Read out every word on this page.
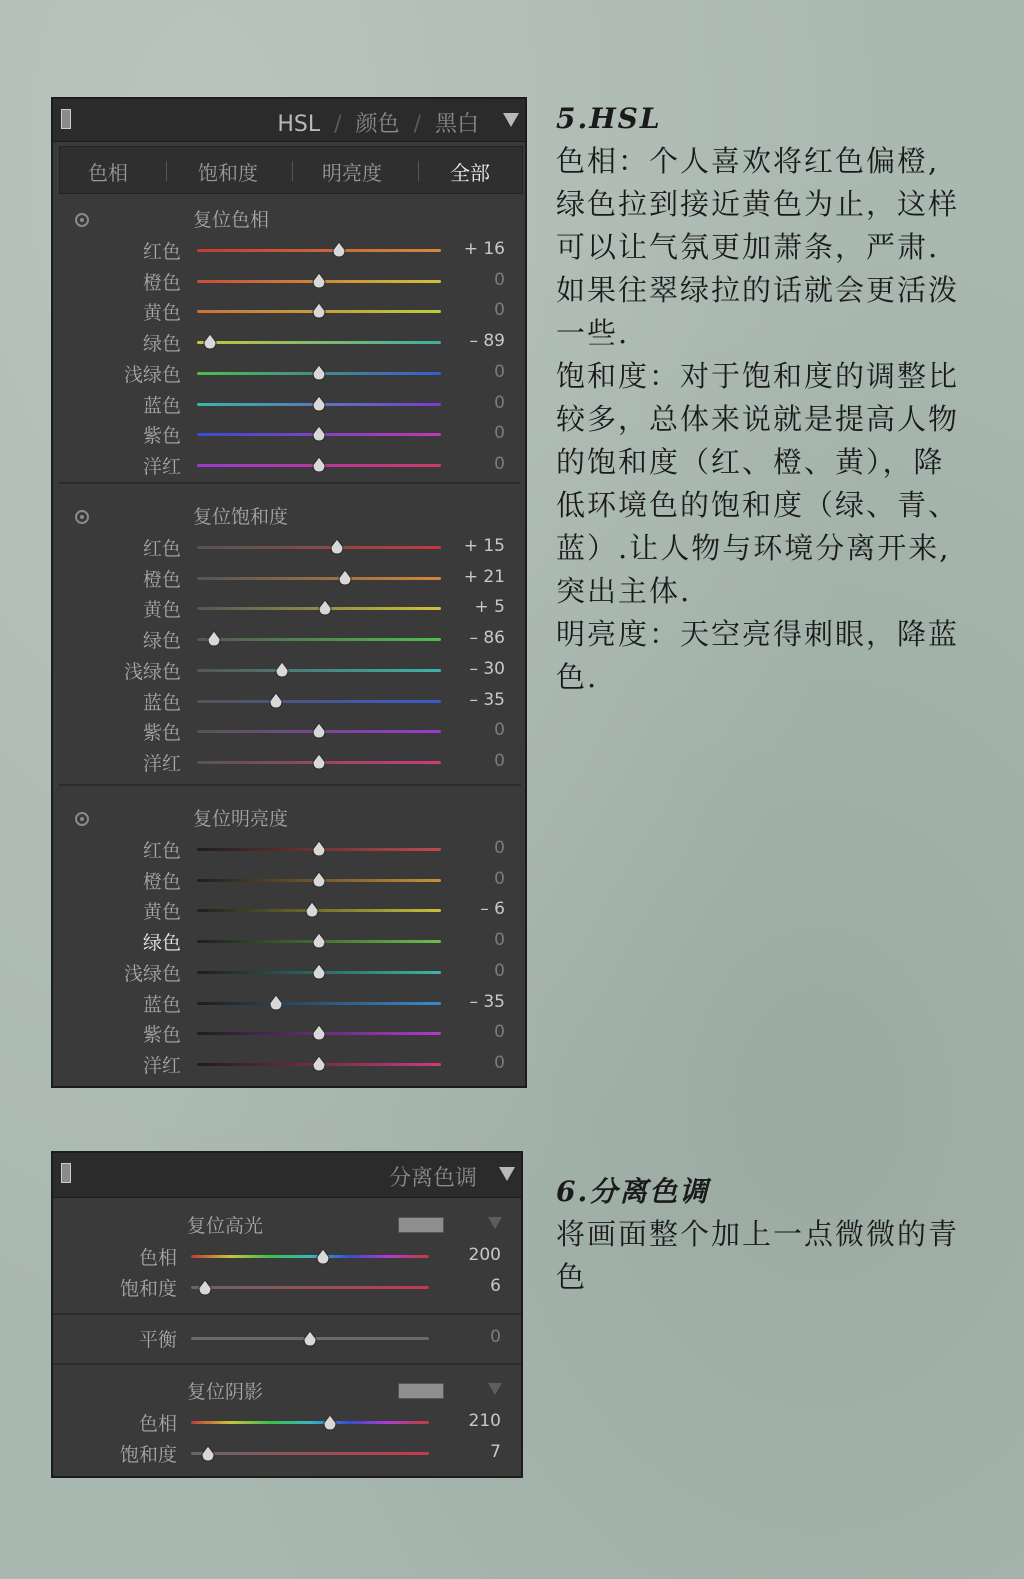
HSL / 颜色 / 黑白
色相	饱和度	明亮度	全部
复位色相
红色	+ 16
橙色	0
黄色	0
绿色	– 89
浅绿色	0
蓝色	0
紫色	0
洋红	0
复位饱和度
红色	+ 15
橙色	+ 21
黄色	+ 5
绿色	– 86
浅绿色	– 30
蓝色	– 35
紫色	0
洋红	0
复位明亮度
红色	0
橙色	0
黄色	– 6
绿色	0
浅绿色	0
蓝色	– 35
紫色	0
洋红	0
分离色调
复位高光
色相	200
饱和度	6
平衡	0
复位阴影
色相	210
饱和度	7

5.HSL

色相：个人喜欢将红色偏橙,

绿色拉到接近黄色为止，这样

可以让气氛更加萧条，严肃.

如果往翠绿拉的话就会更活泼

一些.

饱和度：对于饱和度的调整比

较多，总体来说就是提高人物

的饱和度（红、橙、黄），降

低环境色的饱和度（绿、青、

蓝）.让人物与环境分离开来,

突出主体.

明亮度：天空亮得刺眼，降蓝

色.

6.分离色调

将画面整个加上一点微微的青

色
